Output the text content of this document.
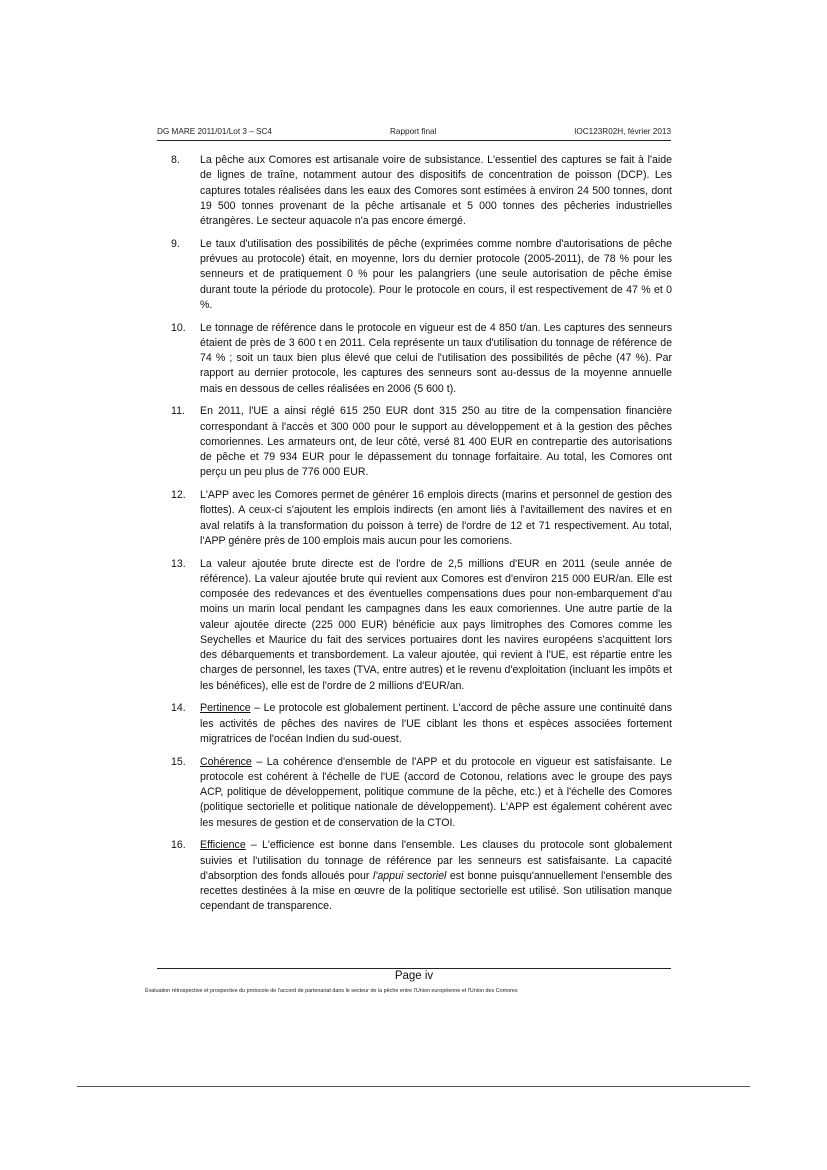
DG MARE 2011/01/Lot 3 – SC4	Rapport final	IOC123R02H, février 2013

8. La pêche aux Comores est artisanale voire de subsistance. L'essentiel des captures se fait à l'aide de lignes de traîne, notamment autour des dispositifs de concentration de poisson (DCP). Les captures totales réalisées dans les eaux des Comores sont estimées à environ 24 500 tonnes, dont 19 500 tonnes provenant de la pêche artisanale et 5 000 tonnes des pêcheries industrielles étrangères. Le secteur aquacole n'a pas encore émergé.

9. Le taux d'utilisation des possibilités de pêche (exprimées comme nombre d'autorisations de pêche prévues au protocole) était, en moyenne, lors du dernier protocole (2005-2011), de 78 % pour les senneurs et de pratiquement 0 % pour les palangriers (une seule autorisation de pêche émise durant toute la période du protocole). Pour le protocole en cours, il est respectivement de 47 % et 0 %.

10. Le tonnage de référence dans le protocole en vigueur est de 4 850 t/an. Les captures des senneurs étaient de près de 3 600 t en 2011. Cela représente un taux d'utilisation du tonnage de référence de 74 % ; soit un taux bien plus élevé que celui de l'utilisation des possibilités de pêche (47 %). Par rapport au dernier protocole, les captures des senneurs sont au-dessus de la moyenne annuelle mais en dessous de celles réalisées en 2006 (5 600 t).

11. En 2011, l'UE a ainsi réglé 615 250 EUR dont 315 250 au titre de la compensation financière correspondant à l'accès et 300 000 pour le support au développement et à la gestion des pêches comoriennes. Les armateurs ont, de leur côté, versé 81 400 EUR en contrepartie des autorisations de pêche et 79 934 EUR pour le dépassement du tonnage forfaitaire. Au total, les Comores ont perçu un peu plus de 776 000 EUR.

12. L'APP avec les Comores permet de générer 16 emplois directs (marins et personnel de gestion des flottes). A ceux-ci s'ajoutent les emplois indirects (en amont liés à l'avitaillement des navires et en aval relatifs à la transformation du poisson à terre) de l'ordre de 12 et 71 respectivement. Au total, l'APP génère près de 100 emplois mais aucun pour les comoriens.

13. La valeur ajoutée brute directe est de l'ordre de 2,5 millions d'EUR en 2011 (seule année de référence). La valeur ajoutée brute qui revient aux Comores est d'environ 215 000 EUR/an. Elle est composée des redevances et des éventuelles compensations dues pour non-embarquement d'au moins un marin local pendant les campagnes dans les eaux comoriennes. Une autre partie de la valeur ajoutée directe (225 000 EUR) bénéficie aux pays limitrophes des Comores comme les Seychelles et Maurice du fait des services portuaires dont les navires européens s'acquittent lors des débarquements et transbordement. La valeur ajoutée, qui revient à l'UE, est répartie entre les charges de personnel, les taxes (TVA, entre autres) et le revenu d'exploitation (incluant les impôts et les bénéfices), elle est de l'ordre de 2 millions d'EUR/an.

14. Pertinence – Le protocole est globalement pertinent. L'accord de pêche assure une continuité dans les activités de pêches des navires de l'UE ciblant les thons et espèces associées fortement migratrices de l'océan Indien du sud-ouest.

15. Cohérence – La cohérence d'ensemble de l'APP et du protocole en vigueur est satisfaisante. Le protocole est cohérent à l'échelle de l'UE (accord de Cotonou, relations avec le groupe des pays ACP, politique de développement, politique commune de la pêche, etc.) et à l'échelle des Comores (politique sectorielle et politique nationale de développement). L'APP est également cohérent avec les mesures de gestion et de conservation de la CTOI.

16. Efficience – L'efficience est bonne dans l'ensemble. Les clauses du protocole sont globalement suivies et l'utilisation du tonnage de référence par les senneurs est satisfaisante. La capacité d'absorption des fonds alloués pour l'appui sectoriel est bonne puisqu'annuellement l'ensemble des recettes destinées à la mise en œuvre de la politique sectorielle est utilisé. Son utilisation manque cependant de transparence.

Page iv
Évaluation rétrospective et prospective du protocole de l'accord de partenariat dans le secteur de la pêche entre l'Union européenne et l'Union des Comores
